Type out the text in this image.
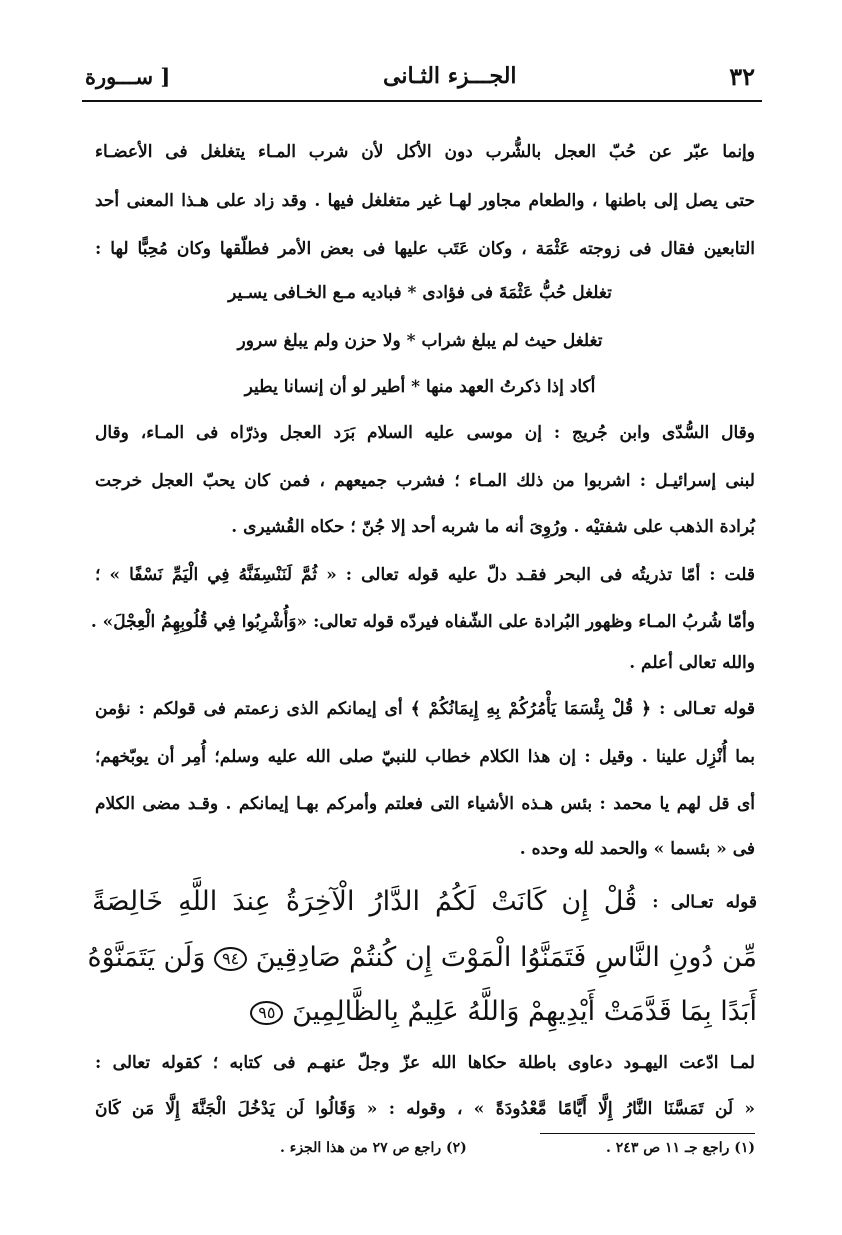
٣٢
الجـــزء الثـانى
[ ســـورة
وإنما عبّر عن حُبّ العجل بالشُّرب دون الأكل لأن شرب المـاء يتغلغل فى الأعضـاء
حتى يصل إلى باطنها ، والطعام مجاور لهـا غير متغلغل فيها . وقد زاد على هـذا المعنى أحد
التابعين فقال فى زوجته عَثْمَة ، وكان عَتَب عليها فى بعض الأمر فطلّقها وكان مُحِبًّا لها :
تغلغل حُبُّ عَثْمَةَ فى فؤادى * فباديه مـع الخـافى يسـير
تغلغل حيث لم يبلغ شراب * ولا حزن ولم يبلغ سرور
أكاد إذا ذكرتُ العهد منها * أطير لو أن إنسانا يطير
وقال السُّدّى وابن جُريج : إن موسى عليه السلام بَرَد العجل وذرّاه فى المـاء، وقال
لبنى إسرائيـل : اشربوا من ذلك المـاء ؛ فشرب جميعهم ، فمن كان يحبّ العجل خرجت
بُرادة الذهب على شفتيْه . ورُوِىَ أنه ما شربه أحد إلا جُنّ ؛ حكاه القُشيرى .
قلت : أمّا تذريتُه فى البحر فقـد دلّ عليه قوله تعالى : « ثُمَّ لَنَنْسِفَنَّهُ فِي الْيَمِّ نَسْفًا » ؛
وأمّا شُربُ المـاء وظهور البُرادة على الشّفاه فيردّه قوله تعالى: «وَأُشْرِبُوا فِي قُلُوبِهِمُ الْعِجْلَ» .
والله تعالى أعلم .
قوله تعـالى : ﴿ قُلْ بِئْسَمَا يَأْمُرُكُمْ بِهِ إِيمَانُكُمْ ﴾ أى إيمانكم الذى زعمتم فى قولكم : نؤمن
بما أُنْزِل علينا . وقيل : إن هذا الكلام خطاب للنبيّ صلى الله عليه وسلم؛ أُمِر أن يوبّخهم؛
أى قل لهم يا محمد : بئس هـذه الأشياء التى فعلتم وأمركم بهـا إيمانكم . وقـد مضى الكلام
فى « بئسما » والحمد لله وحده .
قوله تعـالى : قُلْ إِن كَانَتْ لَكُمُ الدَّارُ الْآخِرَةُ عِندَ اللَّهِ خَالِصَةً
مِّن دُونِ النَّاسِ فَتَمَنَّوُا الْمَوْتَ إِن كُنتُمْ صَادِقِينَ ٩٤ وَلَن يَتَمَنَّوْهُ
أَبَدًا بِمَا قَدَّمَتْ أَيْدِيهِمْ وَاللَّهُ عَلِيمٌ بِالظَّالِمِينَ ٩٥
لمـا ادّعت اليهـود دعاوى باطلة حكاها الله عزّ وجلّ عنهـم فى كتابه ؛ كقوله تعالى :
« لَن تَمَسَّنَا النَّارُ إِلَّا أَيَّامًا مَّعْدُودَةً » ، وقوله : « وَقَالُوا لَن يَدْخُلَ الْجَنَّةَ إِلَّا مَن كَانَ
(١) راجع جـ ١١ ص ٢٤٣ .
(٢) راجع ص ٢٧ من هذا الجزء .
